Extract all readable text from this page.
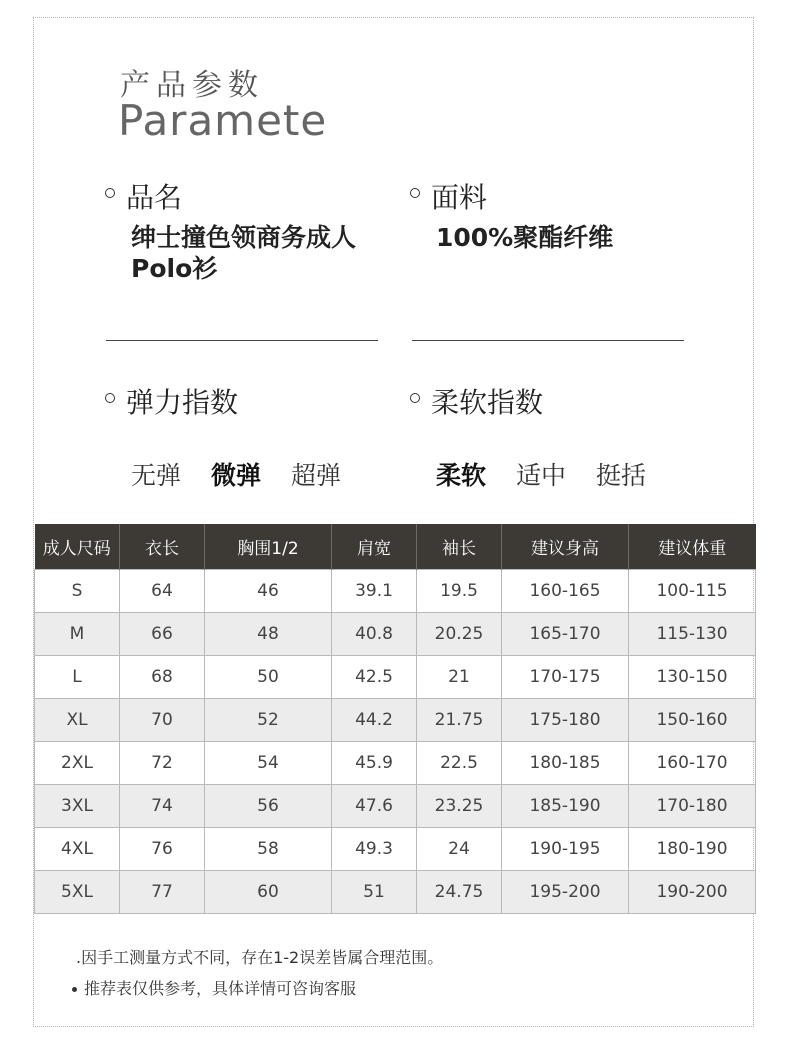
产品参数
Paramete
品名
绅士撞色领商务成人
Polo衫
面料
100%聚酯纤维
弹力指数
无弹 微弹 超弹
柔软指数
柔软 适中 挺括
成人尺码	衣长	胸围1/2	肩宽	袖长	建议身高	建议体重
S	64	46	39.1	19.5	160-165	100-115
M	66	48	40.8	20.25	165-170	115-130
L	68	50	42.5	21	170-175	130-150
XL	70	52	44.2	21.75	175-180	150-160
2XL	72	54	45.9	22.5	180-185	160-170
3XL	74	56	47.6	23.25	185-190	170-180
4XL	76	58	49.3	24	190-195	180-190
5XL	77	60	51	24.75	195-200	190-200
.因手工测量方式不同，存在1-2误差皆属合理范围。
推荐表仅供参考，具体详情可咨询客服
